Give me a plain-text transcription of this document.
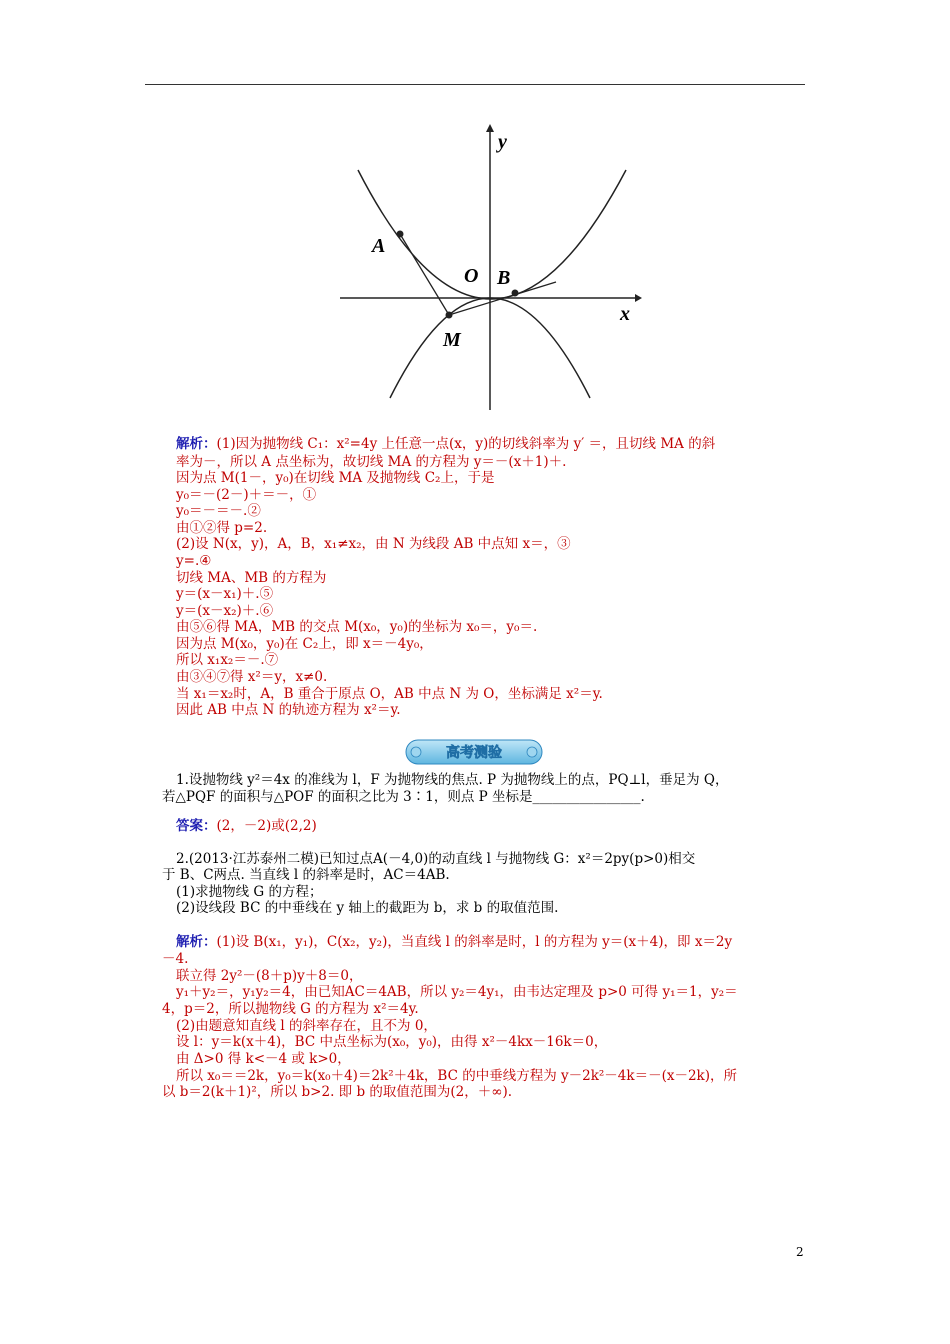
y
x
A
O B
M
解析：(1)因为抛物线 C₁：x²=4y 上任意一点(x，y)的切线斜率为 y′ ＝，且切线 MA 的斜
率为－，所以 A 点坐标为，故切线 MA 的方程为 y＝－(x＋1)＋.
因为点 M(1－，y₀)在切线 MA 及抛物线 C₂上，于是
y₀＝－(2－)＋＝－，①
y₀＝－＝－.②
由①②得 p=2.
(2)设 N(x，y)，A，B，x₁≠x₂，由 N 为线段 AB 中点知 x＝，③
y=.④
切线 MA、MB 的方程为
y＝(x－x₁)＋.⑤
y＝(x－x₂)＋.⑥
由⑤⑥得 MA，MB 的交点 M(x₀，y₀)的坐标为 x₀＝，y₀＝.
因为点 M(x₀，y₀)在 C₂上，即 x＝－4y₀，
所以 x₁x₂＝－.⑦
由③④⑦得 x²＝y，x≠0.
当 x₁＝x₂时，A，B 重合于原点 O，AB 中点 N 为 O，坐标满足 x²＝y.
因此 AB 中点 N 的轨迹方程为 x²＝y.
高考测验
1.设抛物线 y²＝4x 的准线为 l，F 为抛物线的焦点. P 为抛物线上的点，PQ⊥l，垂足为 Q，
若△PQF 的面积与△POF 的面积之比为 3∶1，则点 P 坐标是________________.
答案：(2，－2)或(2,2)
2.(2013·江苏泰州二模)已知过点A(－4,0)的动直线 l 与抛物线 G：x²＝2py(p>0)相交
于 B、C两点. 当直线 l 的斜率是时，AC＝4AB.
(1)求抛物线 G 的方程；
(2)设线段 BC 的中垂线在 y 轴上的截距为 b，求 b 的取值范围.
解析：(1)设 B(x₁，y₁)，C(x₂，y₂)，当直线 l 的斜率是时，l 的方程为 y＝(x＋4)，即 x＝2y
－4.
联立得 2y²－(8＋p)y＋8＝0，
y₁＋y₂＝，y₁y₂＝4，由已知AC＝4AB，所以 y₂＝4y₁，由韦达定理及 p>0 可得 y₁＝1，y₂＝
4，p＝2，所以抛物线 G 的方程为 x²＝4y.
(2)由题意知直线 l 的斜率存在，且不为 0，
设 l：y＝k(x＋4)，BC 中点坐标为(x₀，y₀)，由得 x²－4kx－16k＝0，
由 Δ>0 得 k<－4 或 k>0，
所以 x₀＝＝2k，y₀＝k(x₀＋4)＝2k²＋4k，BC 的中垂线方程为 y－2k²－4k＝－(x－2k)，所
以 b＝2(k＋1)²，所以 b>2. 即 b 的取值范围为(2，＋∞).
2
